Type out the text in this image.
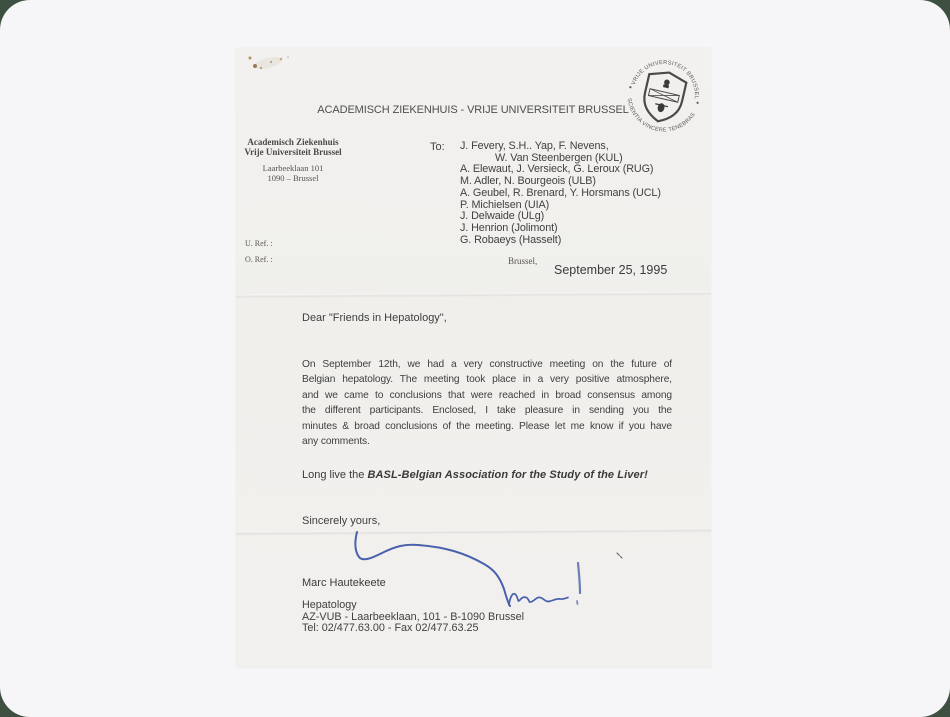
ACADEMISCH ZIEKENHUIS - VRIJE UNIVERSITEIT BRUSSEL
VRIJE UNIVERSITEIT BRUSSEL
SCIENTIA VINCERE TENEBRAS
Academisch Ziekenhuis
Vrije Universiteit Brussel
Laarbeeklaan 101
1090 – Brussel
U. Ref. :
O. Ref. :
To: J. Fevery, S.H.. Yap, F. Nevens,
W. Van Steenbergen (KUL)
A. Elewaut, J. Versieck, G. Leroux (RUG)
M. Adler, N. Bourgeois (ULB)
A. Geubel, R. Brenard, Y. Horsmans (UCL)
P. Michielsen (UIA)
J. Delwaide (ULg)
J. Henrion (Jolimont)
G. Robaeys (Hasselt)
Brussel,
September 25, 1995
Dear "Friends in Hepatology",
On September 12th, we had a very constructive meeting on the future of
Belgian hepatology. The meeting took place in a very positive atmosphere,
and we came to conclusions that were reached in broad consensus among
the different participants. Enclosed, I take pleasure in sending you the
minutes & broad conclusions of the meeting. Please let me know if you have
any comments.
Long live the BASL-Belgian Association for the Study of the Liver!
Sincerely yours,
Marc Hautekeete
Hepatology
AZ-VUB - Laarbeeklaan, 101 - B-1090 Brussel
Tel: 02/477.63.00 - Fax 02/477.63.25
